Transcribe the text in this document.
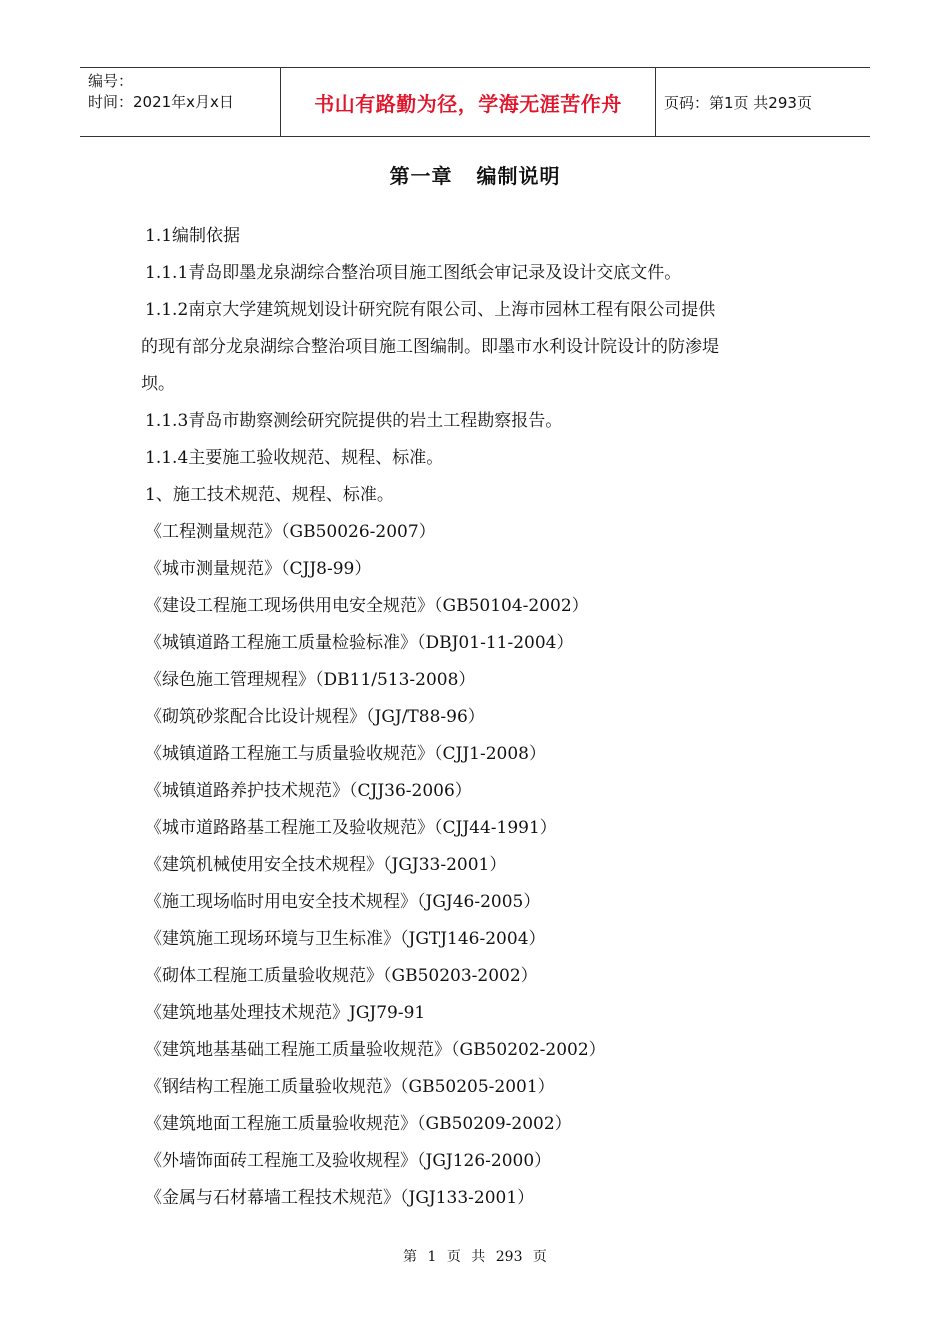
编号：
时间：2021年x月x日	书山有路勤为径，学海无涯苦作舟	页码：第1页 共293页
第一章 编制说明
1.1编制依据
1.1.1青岛即墨龙泉湖综合整治项目施工图纸会审记录及设计交底文件。
1.1.2南京大学建筑规划设计研究院有限公司、上海市园林工程有限公司提供
的现有部分龙泉湖综合整治项目施工图编制。即墨市水利设计院设计的防渗堤
坝。
1.1.3青岛市勘察测绘研究院提供的岩土工程勘察报告。
1.1.4主要施工验收规范、规程、标准。
1、施工技术规范、规程、标准。
《工程测量规范》（GB50026-2007）
《城市测量规范》（CJJ8-99）
《建设工程施工现场供用电安全规范》（GB50104-2002）
《城镇道路工程施工质量检验标准》（DBJ01-11-2004）
《绿色施工管理规程》（DB11/513-2008）
《砌筑砂浆配合比设计规程》（JGJ/T88-96）
《城镇道路工程施工与质量验收规范》（CJJ1-2008）
《城镇道路养护技术规范》（CJJ36-2006）
《城市道路路基工程施工及验收规范》（CJJ44-1991）
《建筑机械使用安全技术规程》（JGJ33-2001）
《施工现场临时用电安全技术规程》（JGJ46-2005）
《建筑施工现场环境与卫生标准》（JGTJ146-2004）
《砌体工程施工质量验收规范》（GB50203-2002）
《建筑地基处理技术规范》JGJ79-91
《建筑地基基础工程施工质量验收规范》（GB50202-2002）
《钢结构工程施工质量验收规范》（GB50205-2001）
《建筑地面工程施工质量验收规范》（GB50209-2002）
《外墙饰面砖工程施工及验收规程》（JGJ126-2000）
《金属与石材幕墙工程技术规范》（JGJ133-2001）
第 1 页 共 293 页
